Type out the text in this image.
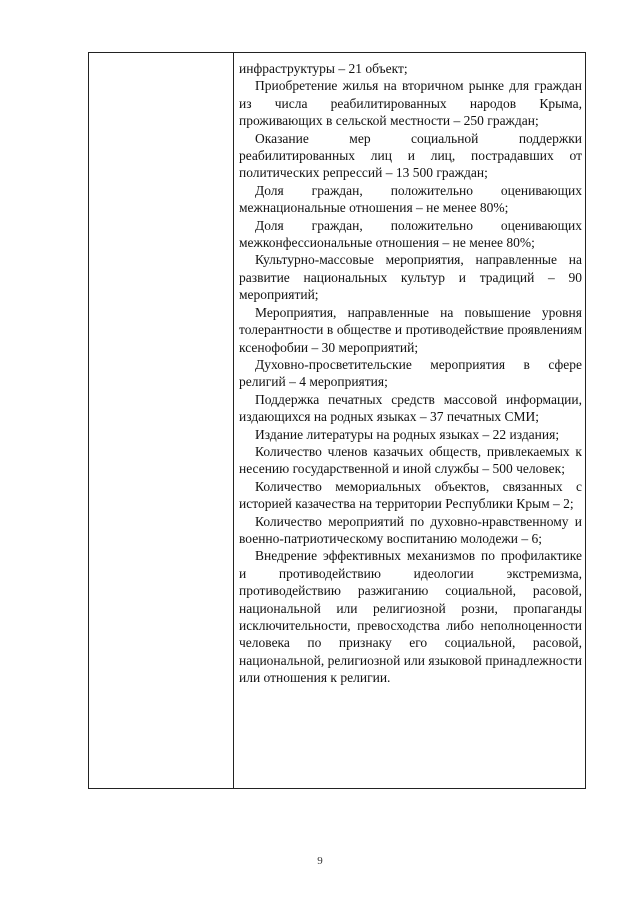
инфраструктуры – 21 объект;

Приобретение жилья на вторичном рынке для граждан из числа реабилитированных народов Крыма, проживающих в сельской местности – 250 граждан;

Оказание мер социальной поддержки реабилитированных лиц и лиц, пострадавших от политических репрессий – 13 500 граждан;

Доля граждан, положительно оценивающих межнациональные отношения – не менее 80%;

Доля граждан, положительно оценивающих межконфессиональные отношения – не менее 80%;

Культурно-массовые мероприятия, направленные на развитие национальных культур и традиций – 90 мероприятий;

Мероприятия, направленные на повышение уровня толерантности в обществе и противодействие проявлениям ксенофобии – 30 мероприятий;

Духовно-просветительские мероприятия в сфере религий – 4 мероприятия;

Поддержка печатных средств массовой информации, издающихся на родных языках – 37 печатных СМИ;

Издание литературы на родных языках – 22 издания;

Количество членов казачьих обществ, привлекаемых к несению государственной и иной службы – 500 человек;

Количество мемориальных объектов, связанных с историей казачества на территории Республики Крым – 2;

Количество мероприятий по духовно-нравственному и военно-патриотическому воспитанию молодежи – 6;

Внедрение эффективных механизмов по профилактике и противодействию идеологии экстремизма, противодействию разжиганию социальной, расовой, национальной или религиозной розни, пропаганды исключительности, превосходства либо неполноценности человека по признаку его социальной, расовой, национальной, религиозной или языковой принадлежности или отношения к религии.

9
